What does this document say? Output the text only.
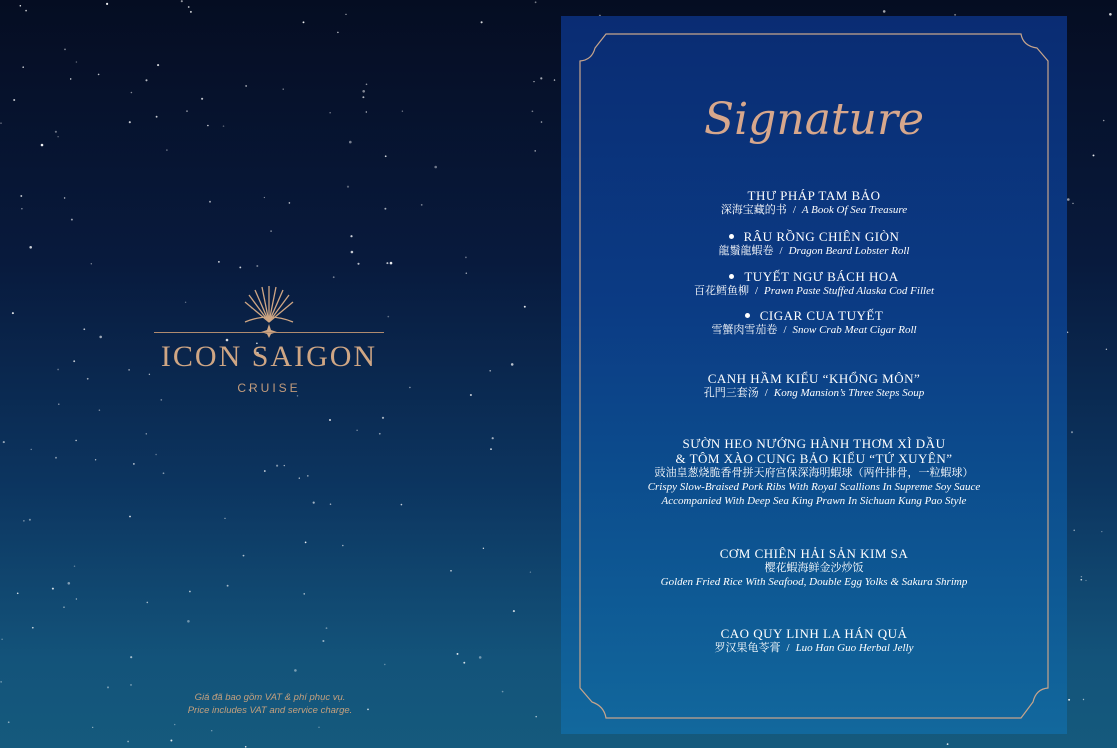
ICON SAIGON
CRUISE
Giá đã bao gồm VAT & phí phục vụ.
Price includes VAT and service charge.
Signature
THƯ PHÁP TAM BẢO
深海宝藏的书 / A Book Of Sea Treasure
RÂU RỒNG CHIÊN GIÒN
龍鬚龍蝦卷 / Dragon Beard Lobster Roll
TUYẾT NGƯ BÁCH HOA
百花鳕鱼柳 / Prawn Paste Stuffed Alaska Cod Fillet
CIGAR CUA TUYẾT
雪蟹肉雪茄卷 / Snow Crab Meat Cigar Roll
CANH HẦM KIỂU “KHỔNG MÔN”
孔門三套汤 / Kong Mansion’s Three Steps Soup
SƯỜN HEO NƯỚNG HÀNH THƠM XÌ DẦU
& TÔM XÀO CUNG BẢO KIỂU “TỨ XUYÊN”
豉油皇葱烧脆香骨拼天府宫保深海明蝦球（两件排骨，一粒蝦球）
Crispy Slow-Braised Pork Ribs With Royal Scallions In Supreme Soy Sauce
Accompanied With Deep Sea King Prawn In Sichuan Kung Pao Style
CƠM CHIÊN HẢI SẢN KIM SA
樱花蝦海鲜金沙炒饭
Golden Fried Rice With Seafood, Double Egg Yolks & Sakura Shrimp
CAO QUY LINH LA HÁN QUẢ
罗汉果龟苓膏 / Luo Han Guo Herbal Jelly
